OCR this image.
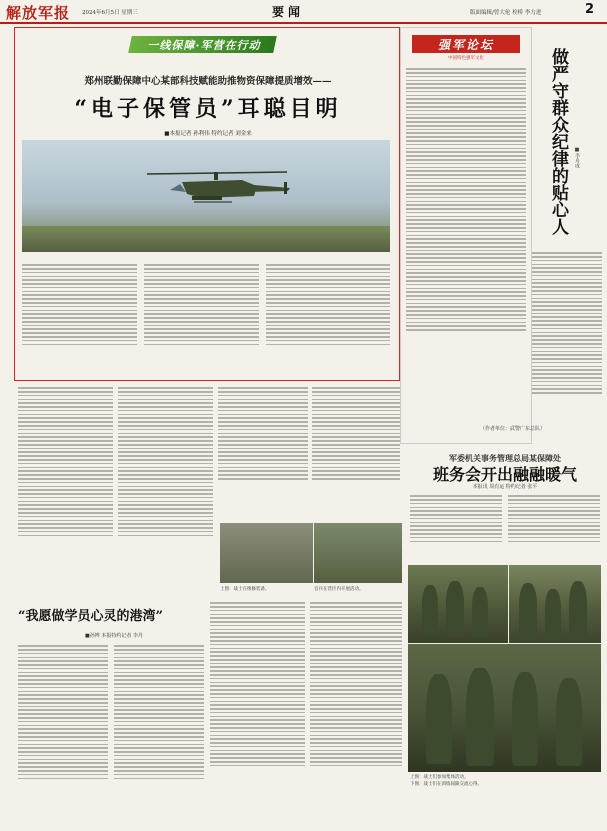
解放军报 2024年6月5日 星期三	要闻	版面编辑/曾大伦 栓桥 李力进	2
一线保障·军营在行动
郑州联勤保障中心某部科技赋能助推物资保障提质增效——
“电子保管员”耳聪目明
■本报记者 孙利伟 特约记者 刘金来
强军论坛
中国特色强军文化	做严守群众纪律的贴心人 ■李舟成
（作者单位：武警广东总队）
军委机关事务管理总局某保障处
班务会开出融融暖气
本报讯 周有运 特约记者 张平
上图：战士们参加集体活动。
下图：战士们在训练间隙交流心得。
上图：战士在维修装备。	官兵在营区内开展活动。
“我愿做学员心灵的港湾”
■孙博 本报特约记者 李丹
